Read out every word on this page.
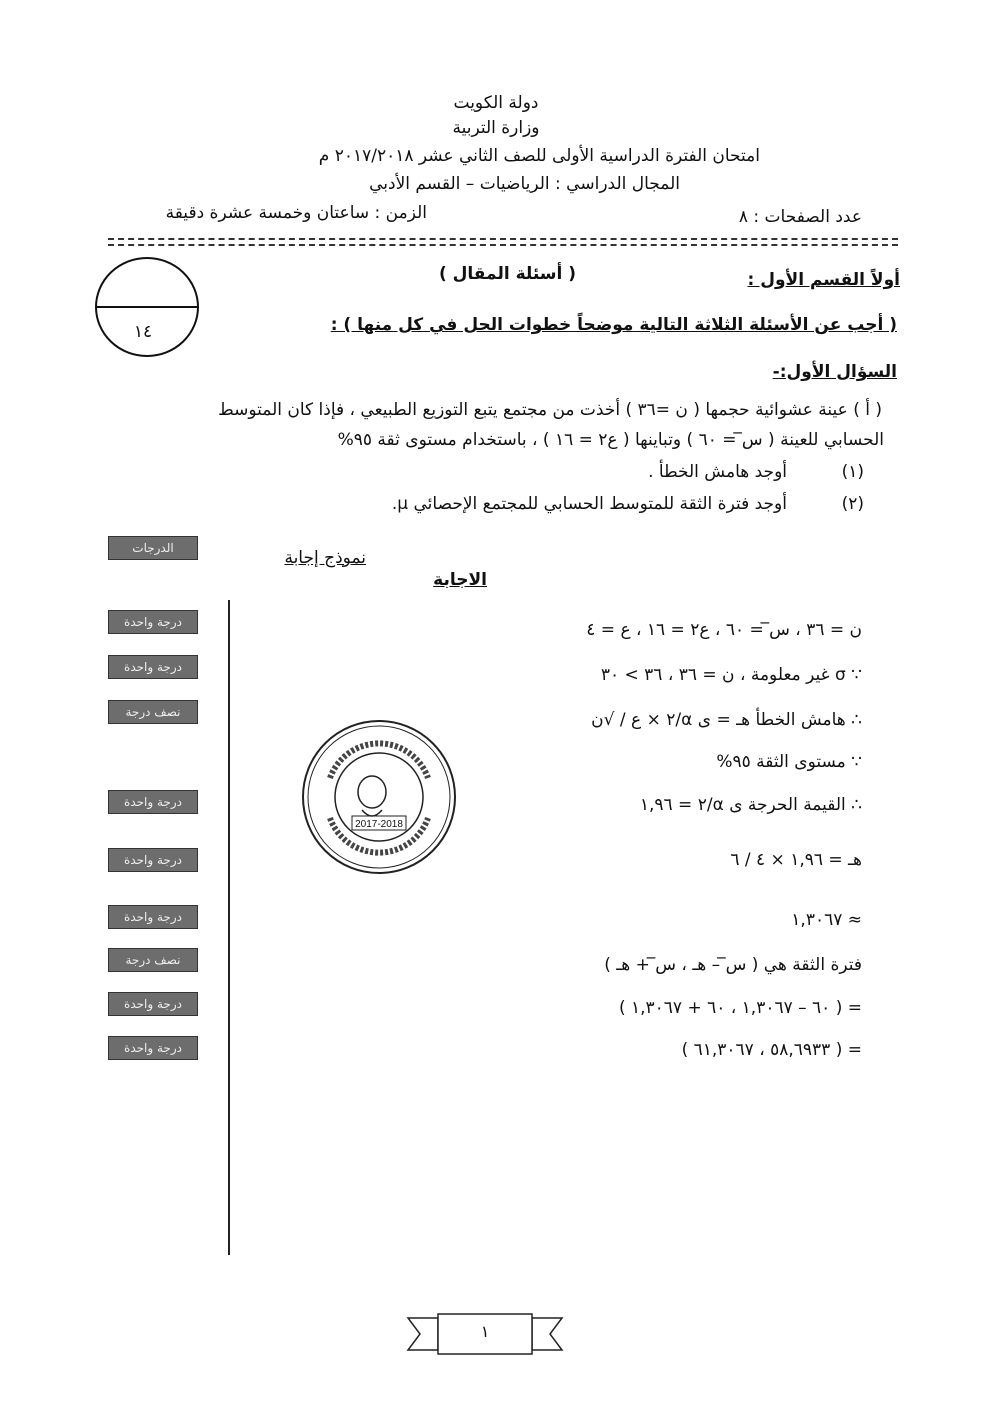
دولة الكويت
وزارة التربية
امتحان الفترة الدراسية الأولى للصف الثاني عشر ٢٠١٧/٢٠١٨ م
المجال الدراسي : الرياضيات – القسم الأدبي
عدد الصفحات : ٨
الزمن : ساعتان وخمسة عشرة دقيقة
١٤
أولاً القسم الأول :
( أسئلة المقال )
( أجب عن الأسئلة الثلاثة التالية موضحاً خطوات الحل في كل منها ) :
السؤال الأول:-
( أ ) عينة عشوائية حجمها ( ن =٣٦ ) أخذت من مجتمع يتبع التوزيع الطبيعي ، فإذا كان المتوسط
الحسابي للعينة ( س̅ = ٦٠ ) وتباينها ( ع٢ = ١٦ ) ، باستخدام مستوى ثقة ٩٥%
(١)
أوجد هامش الخطأ .
(٢)
أوجد فترة الثقة للمتوسط الحسابي للمجتمع الإحصائي μ.
نموذج إجابة
الاجابة
الدرجات
ن = ٣٦ ، س̅ = ٦٠ ، ع٢ = ١٦ ، ع = ٤
∵ σ غير معلومة ، ن = ٣٦ ، ٣٦ > ٣٠
∴ هامش الخطأ هـ = ى α/٢ × ع / √ن
∵ مستوى الثقة ٩٥%
∴ القيمة الحرجة ى α/٢ = ١,٩٦
هـ = ١,٩٦ × ٤ / ٦
≈ ١,٣٠٦٧
فترة الثقة هي ( س̅ – هـ ، س̅ + هـ )
= ( ٦٠ – ١,٣٠٦٧ ، ٦٠ + ١,٣٠٦٧ )
= ( ٥٨,٦٩٣٣ ، ٦١,٣٠٦٧ )
درجة واحدة
درجة واحدة
نصف درجة
درجة واحدة
درجة واحدة
درجة واحدة
نصف درجة
درجة واحدة
درجة واحدة
2017-2018
١
